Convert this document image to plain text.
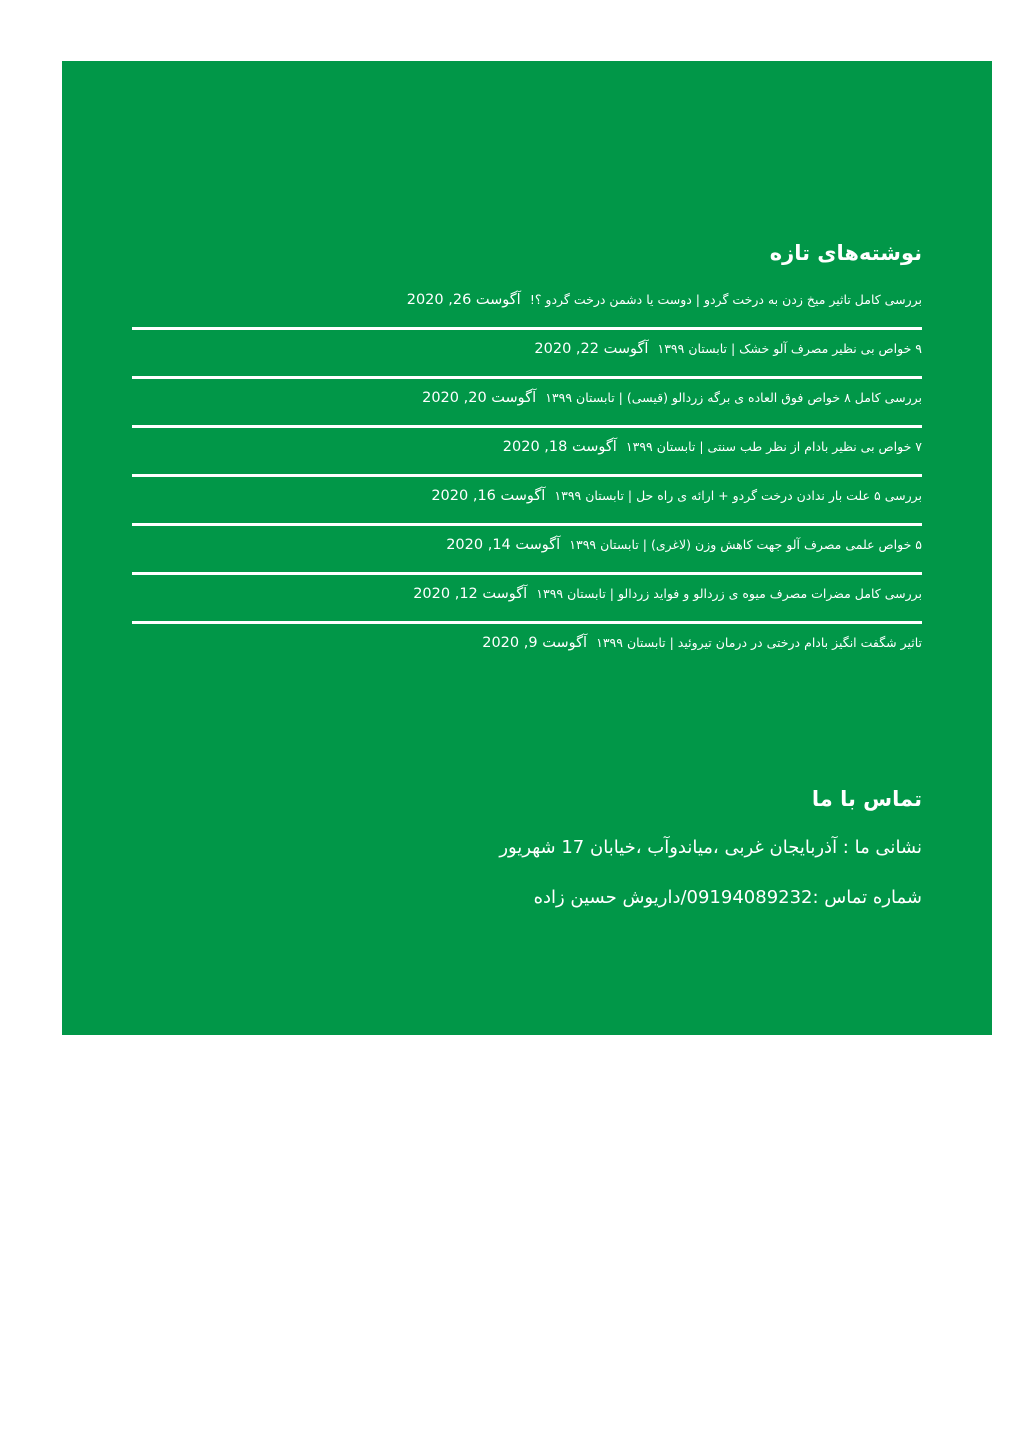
نوشته‌های تازه
بررسی کامل تاثیر میخ زدن به درخت گردو | دوست یا دشمن درخت گردو ؟! آگوست 26, 2020
۹ خواص بی نظیر مصرف آلو خشک | تابستان ۱۳۹۹ آگوست 22, 2020
بررسی کامل ۸ خواص فوق العاده ی برگه زردالو (قیسی) | تابستان ۱۳۹۹ آگوست 20, 2020
۷ خواص بی نظیر بادام از نظر طب سنتی | تابستان ۱۳۹۹ آگوست 18, 2020
بررسی ۵ علت بار ندادن درخت گردو + ارائه ی راه حل | تابستان ۱۳۹۹ آگوست 16, 2020
۵ خواص علمی مصرف آلو جهت کاهش وزن (لاغری) | تابستان ۱۳۹۹ آگوست 14, 2020
بررسی کامل مضرات مصرف میوه ی زردالو و فواید زردالو | تابستان ۱۳۹۹ آگوست 12, 2020
تاثیر شگفت انگیز بادام درختی در درمان تیروئید | تابستان ۱۳۹۹ آگوست 9, 2020
تماس با ما

نشانی ما : آذربایجان غربی ،میاندوآب ،خیابان 17 شهریور

شماره تماس :09194089232/داریوش حسین زاده
